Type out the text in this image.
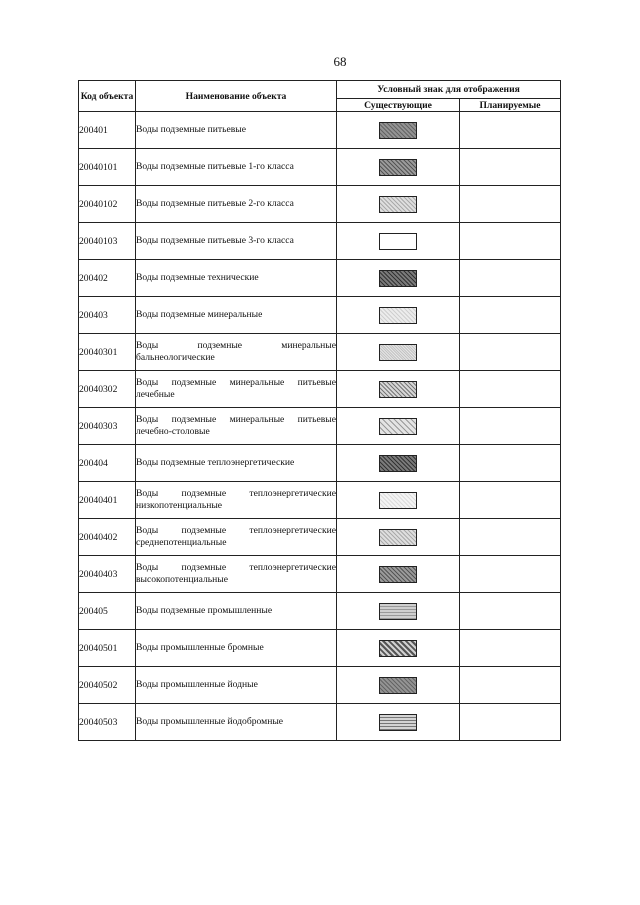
68
Код объекта	Наименование объекта	Условный знак для отображения	
		Существующие	Планируемые
200401	Воды подземные питьевые		
20040101	Воды подземные питьевые 1-го класса		
20040102	Воды подземные питьевые 2-го класса		
20040103	Воды подземные питьевые 3-го класса		
200402	Воды подземные технические		
200403	Воды подземные минеральные		
20040301	Воды подземные минеральные бальнеологические		
20040302	Воды подземные минеральные питьевые лечебные		
20040303	Воды подземные минеральные питьевые лечебно-столовые		
200404	Воды подземные теплоэнергетические		
20040401	Воды подземные теплоэнергетические низкопотенциальные		
20040402	Воды подземные теплоэнергетические среднепотенциальные		
20040403	Воды подземные теплоэнергетические высокопотенциальные		
200405	Воды подземные промышленные		
20040501	Воды промышленные бромные		
20040502	Воды промышленные йодные		
20040503	Воды промышленные йодобромные		
